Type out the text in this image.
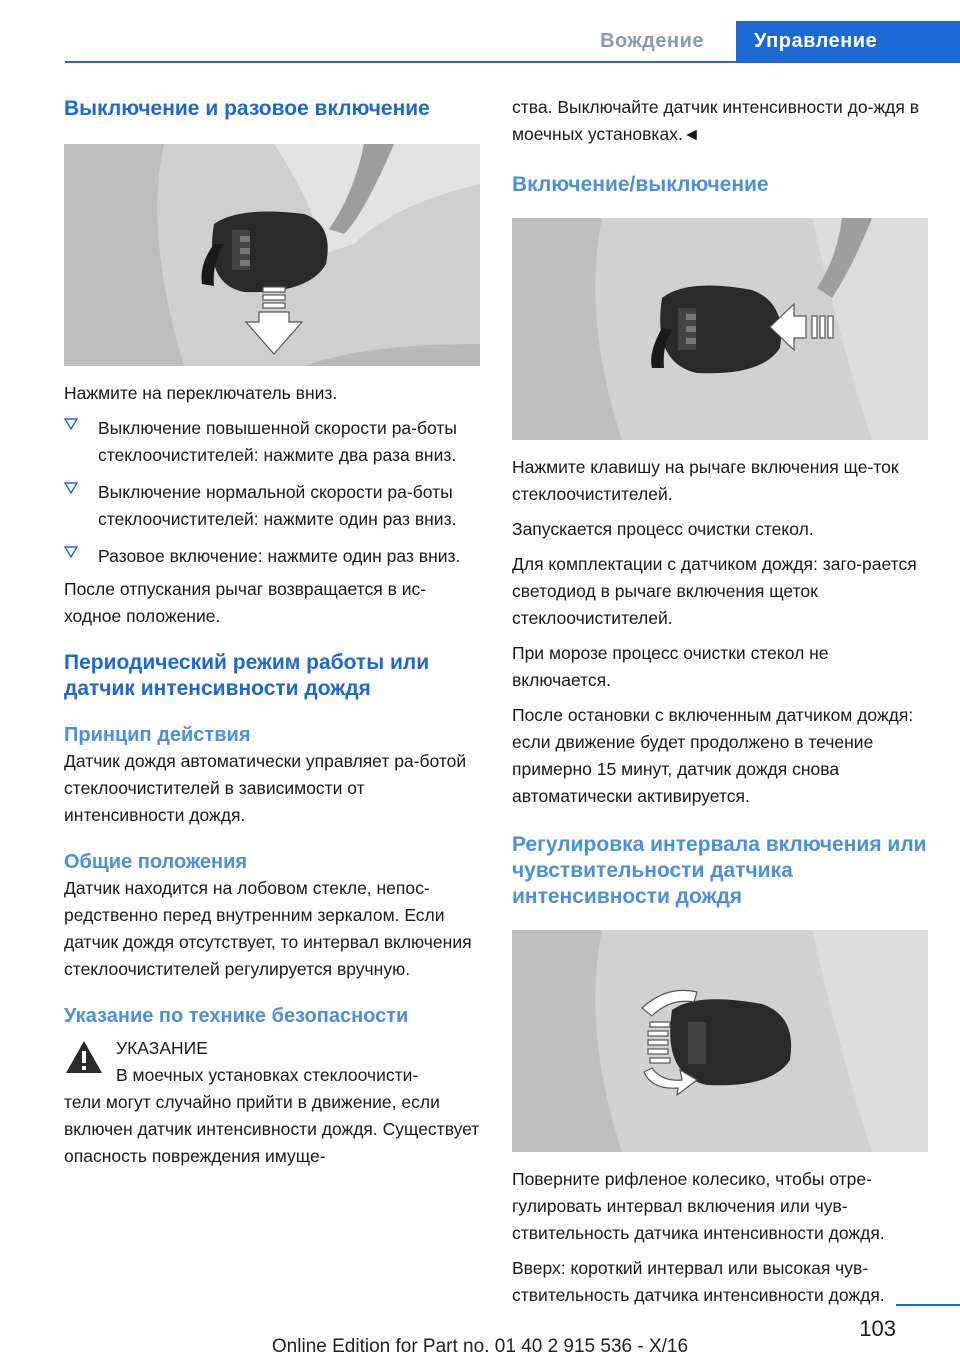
Вождение	Управление
Выключение и разовое включение

Нажмите на переключатель вниз.

Выключение повышенной скорости ра-боты стеклоочистителей: нажмите два раза вниз.
Выключение нормальной скорости ра-боты стеклоочистителей: нажмите один раз вниз.
Разовое включение: нажмите один раз вниз.

После отпускания рычаг возвращается в ис-ходное положение.

Периодический режим работы или датчик интенсивности дождя
Принцип действия

Датчик дождя автоматически управляет ра-ботой стеклоочистителей в зависимости от интенсивности дождя.

Общие положения

Датчик находится на лобовом стекле, непос-редственно перед внутренним зеркалом. Если датчик дождя отсутствует, то интервал включения стеклоочистителей регулируется вручную.

Указание по технике безопасности

УКАЗАНИЕ

В моечных установках стеклоочисти-

тели могут случайно прийти в движение, если включен датчик интенсивности дождя. Существует опасность повреждения имуще-

ства. Выключайте датчик интенсивности до-ждя в моечных установках.◄

Включение/выключение

Нажмите клавишу на рычаге включения ще-ток стеклоочистителей.

Запускается процесс очистки стекол.

Для комплектации с датчиком дождя: заго-рается светодиод в рычаге включения щеток стеклоочистителей.

При морозе процесс очистки стекол не включается.

После остановки с включенным датчиком дождя: если движение будет продолжено в течение примерно 15 минут, датчик дождя снова автоматически активируется.

Регулировка интервала включения или чувствительности датчика интенсивности дождя

Поверните рифленое колесико, чтобы отре-гулировать интервал включения или чув-ствительность датчика интенсивности дождя.

Вверх: короткий интервал или высокая чув-ствительность датчика интенсивности дождя.

103
Online Edition for Part no. 01 40 2 915 536 - X/16
